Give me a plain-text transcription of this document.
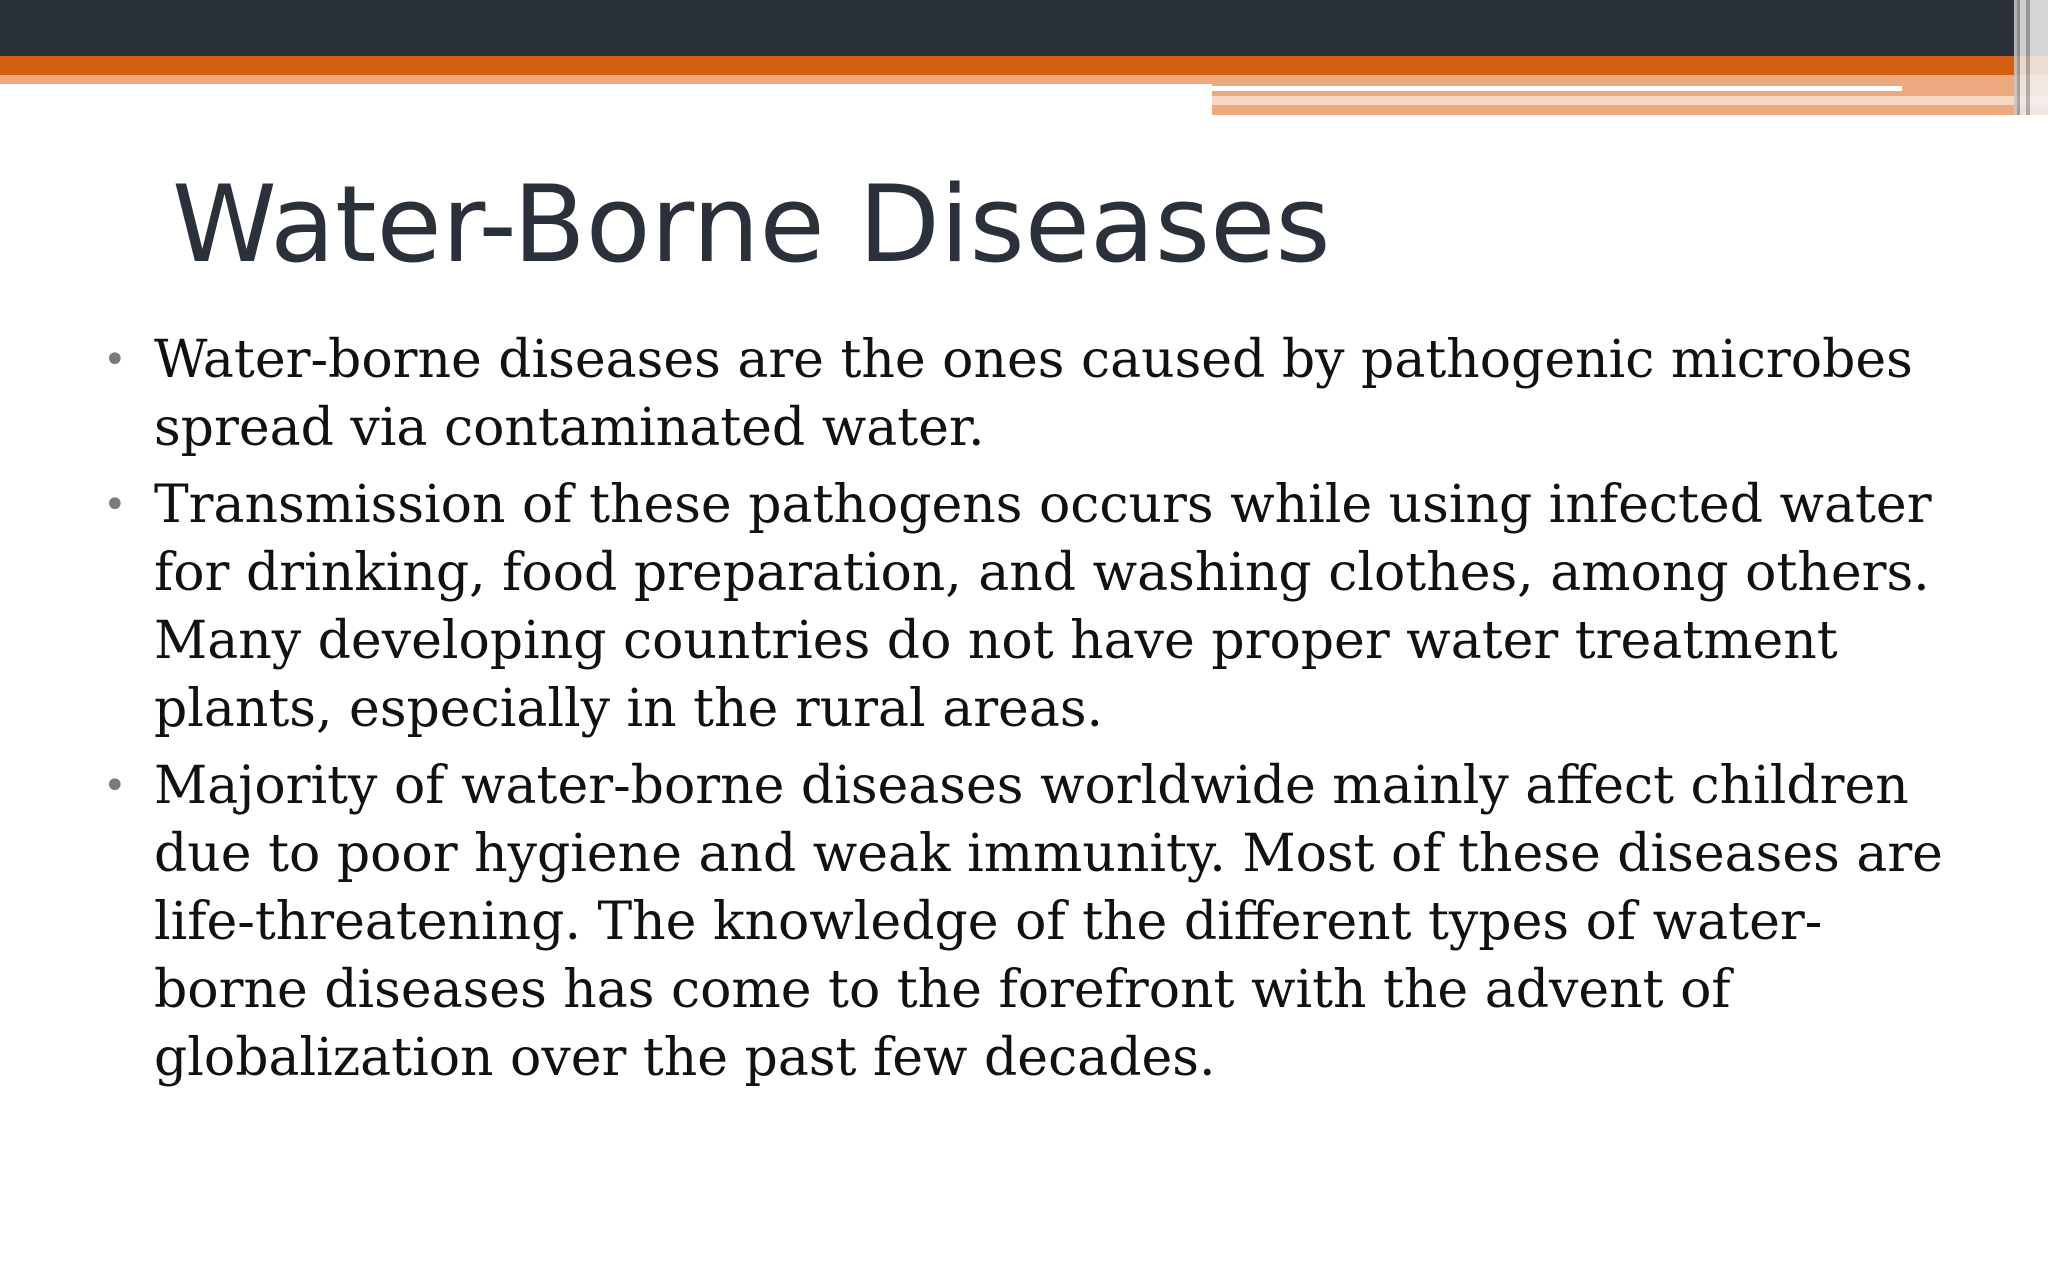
Water-Borne Diseases
• Water-borne diseases are the ones caused by pathogenic microbes spread via contaminated water.
• Transmission of these pathogens occurs while using infected water for drinking, food preparation, and washing clothes, among others. Many developing countries do not have proper water treatment plants, especially in the rural areas.
• Majority of water-borne diseases worldwide mainly affect children due to poor hygiene and weak immunity. Most of these diseases are life-threatening. The knowledge of the different types of water-borne diseases has come to the forefront with the advent of globalization over the past few decades.
